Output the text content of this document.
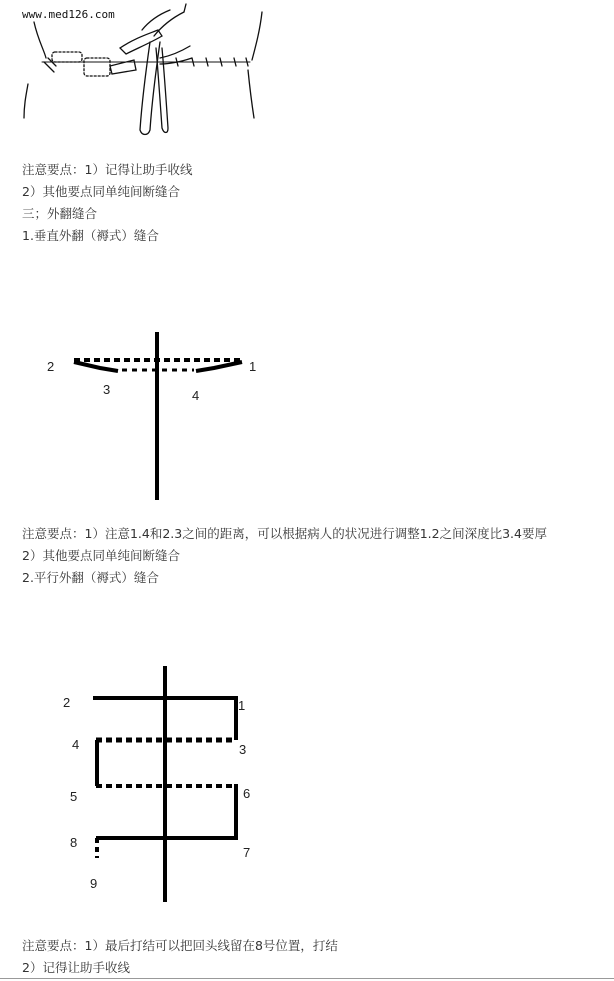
www.med126.com
注意要点：1）记得让助手收线
2）其他要点同单纯间断缝合
三；外翻缝合
1.垂直外翻（褥式）缝合
2	1
3	4
注意要点：1）注意1.4和2.3之间的距离，可以根据病人的状况进行调整1.2之间深度比3.4要厚
2）其他要点同单纯间断缝合
2.平行外翻（褥式）缝合
2	1
4	3
5	6
8
7
9
注意要点：1）最后打结可以把回头线留在8号位置，打结
2）记得让助手收线
